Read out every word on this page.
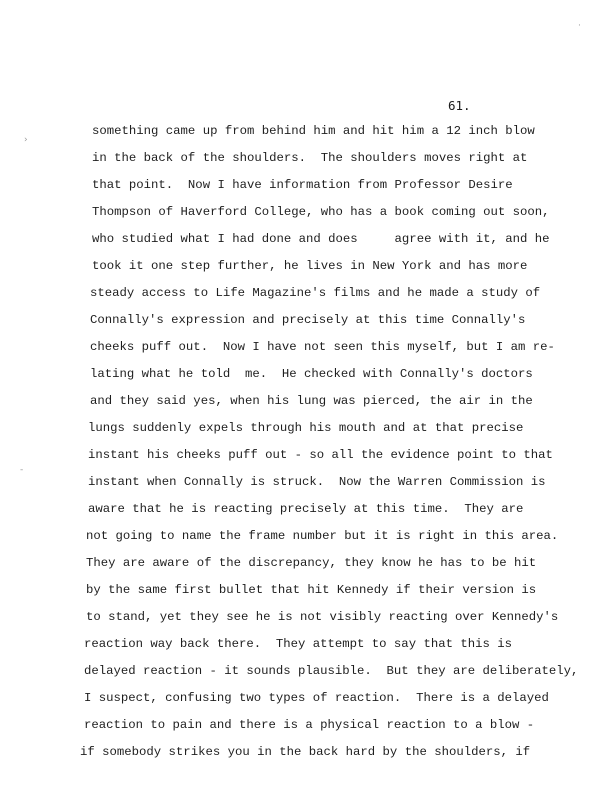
61.
something came up from behind him and hit him a 12 inch blow
in the back of the shoulders.  The shoulders moves right at
that point.  Now I have information from Professor Desire
Thompson of Haverford College, who has a book coming out soon,
who studied what I had done and does     agree with it, and he
took it one step further, he lives in New York and has more
steady access to Life Magazine's films and he made a study of
Connally's expression and precisely at this time Connally's
cheeks puff out.  Now I have not seen this myself, but I am re-
lating what he told  me.  He checked with Connally's doctors
and they said yes, when his lung was pierced, the air in the
lungs suddenly expels through his mouth and at that precise
instant his cheeks puff out - so all the evidence point to that
instant when Connally is struck.  Now the Warren Commission is
aware that he is reacting precisely at this time.  They are
not going to name the frame number but it is right in this area.
They are aware of the discrepancy, they know he has to be hit
by the same first bullet that hit Kennedy if their version is
to stand, yet they see he is not visibly reacting over Kennedy's
reaction way back there.  They attempt to say that this is
delayed reaction - it sounds plausible.  But they are deliberately,
I suspect, confusing two types of reaction.  There is a delayed
reaction to pain and there is a physical reaction to a blow -
if somebody strikes you in the back hard by the shoulders, if
›
·
-
